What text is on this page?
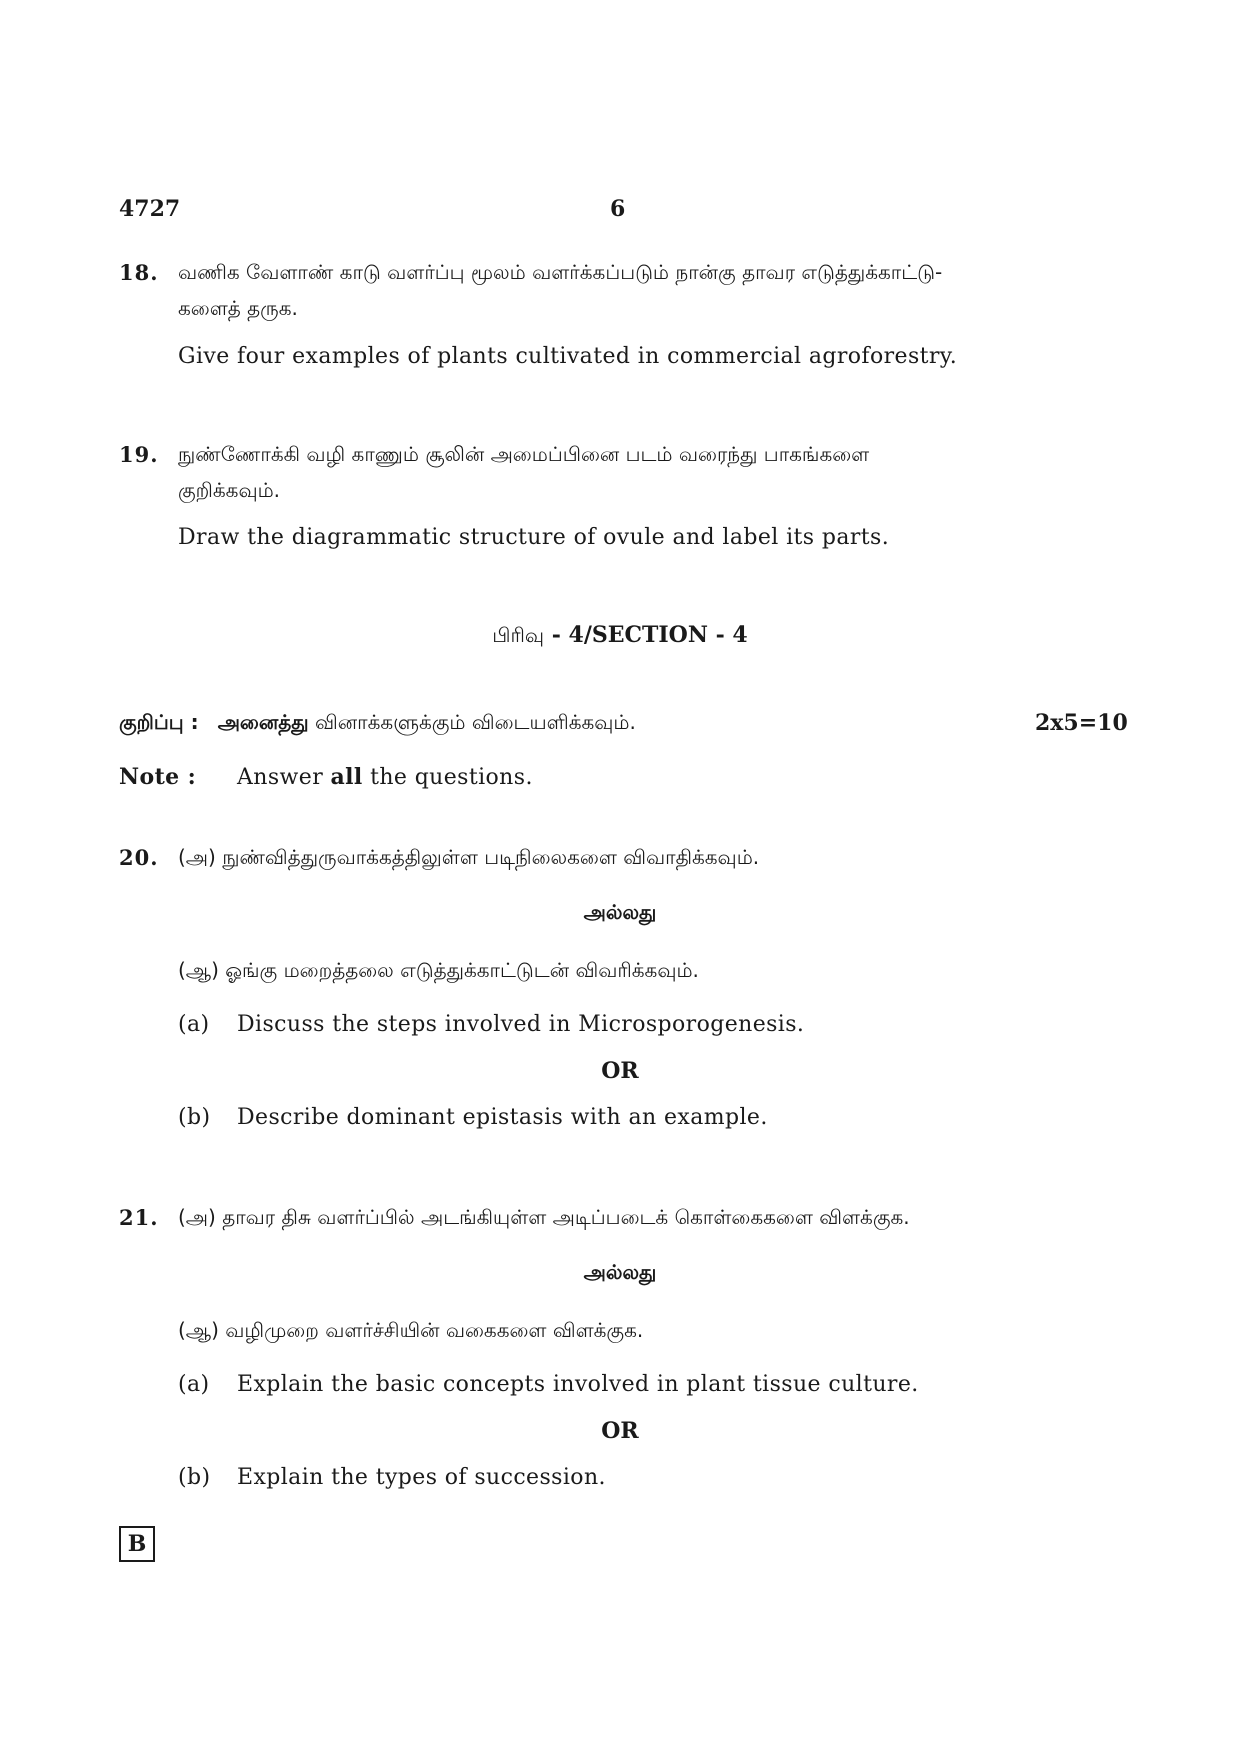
4727	6
18. வணிக வேளாண் காடு வளர்ப்பு மூலம் வளர்க்கப்படும் நான்கு தாவர எடுத்துக்காட்டு-
களைத் தருக.
Give four examples of plants cultivated in commercial agroforestry.
19. நுண்ணோக்கி வழி காணும் சூலின் அமைப்பினை படம் வரைந்து பாகங்களை
குறிக்கவும்.
Draw the diagrammatic structure of ovule and label its parts.
பிரிவு - 4/SECTION - 4
குறிப்பு : அனைத்து வினாக்களுக்கும் விடையளிக்கவும்.	2x5=10
Note : Answer all the questions.
20. (அ) நுண்வித்துருவாக்கத்திலுள்ள படிநிலைகளை விவாதிக்கவும்.
அல்லது
(ஆ) ஓங்கு மறைத்தலை எடுத்துக்காட்டுடன் விவரிக்கவும்.
(a) Discuss the steps involved in Microsporogenesis.
OR
(b) Describe dominant epistasis with an example.
21. (அ) தாவர திசு வளர்ப்பில் அடங்கியுள்ள அடிப்படைக் கொள்கைகளை விளக்குக.
அல்லது
(ஆ) வழிமுறை வளர்ச்சியின் வகைகளை விளக்குக.
(a) Explain the basic concepts involved in plant tissue culture.
OR
(b) Explain the types of succession.
B
